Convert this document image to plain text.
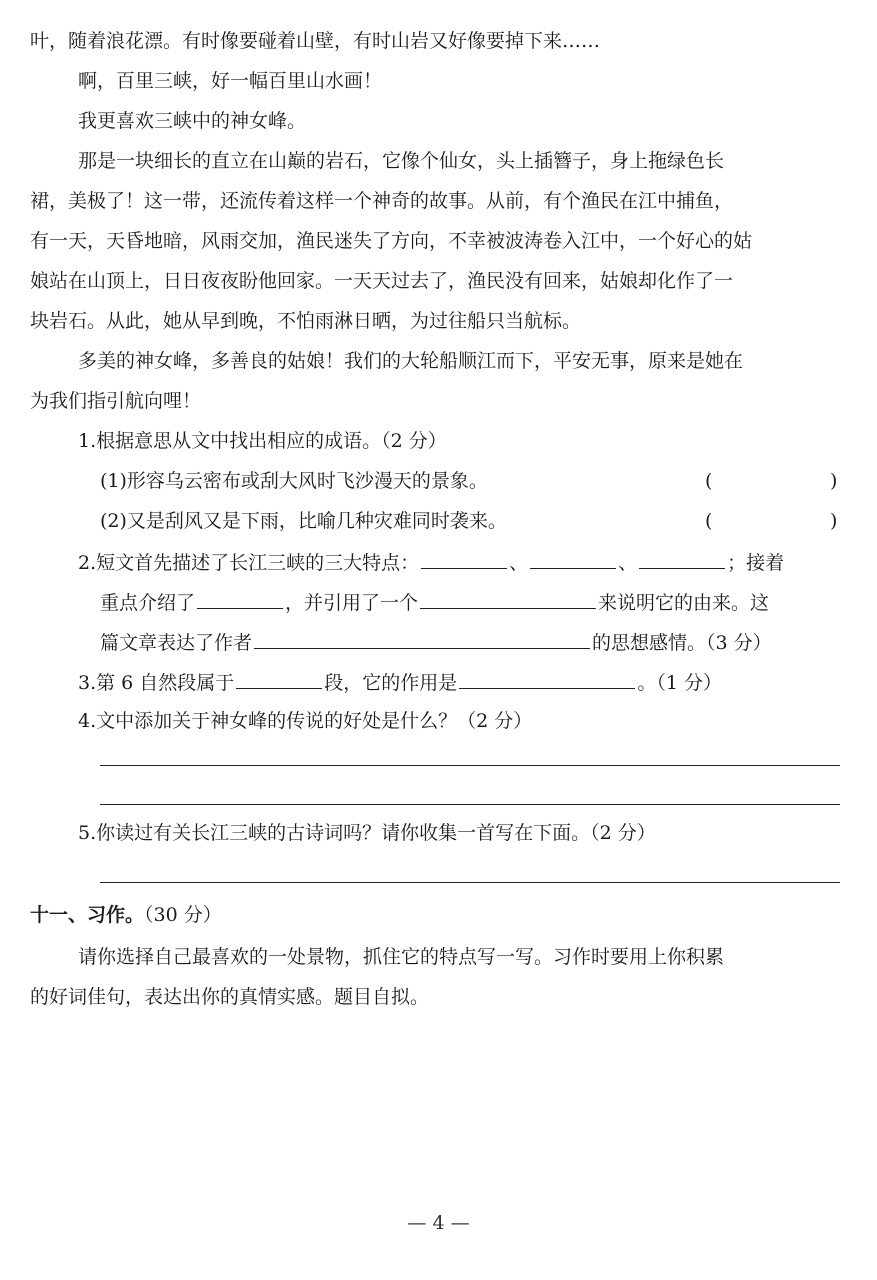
叶，随着浪花漂。有时像要碰着山壁，有时山岩又好像要掉下来……
啊，百里三峡，好一幅百里山水画！
我更喜欢三峡中的神女峰。
那是一块细长的直立在山巅的岩石，它像个仙女，头上插簪子，身上拖绿色长
裙，美极了！这一带，还流传着这样一个神奇的故事。从前，有个渔民在江中捕鱼，
有一天，天昏地暗，风雨交加，渔民迷失了方向，不幸被波涛卷入江中，一个好心的姑
娘站在山顶上，日日夜夜盼他回家。一天天过去了，渔民没有回来，姑娘却化作了一
块岩石。从此，她从早到晚，不怕雨淋日晒，为过往船只当航标。
多美的神女峰，多善良的姑娘！我们的大轮船顺江而下，平安无事，原来是她在
为我们指引航向哩！
1.根据意思从文中找出相应的成语。（2 分）
(1)形容乌云密布或刮大风时飞沙漫天的景象。	(	)
(2)又是刮风又是下雨，比喻几种灾难同时袭来。	(	)
2.短文首先描述了长江三峡的三大特点：	、	、	；接着
重点介绍了	，并引用了一个	来说明它的由来。这
篇文章表达了作者	的思想感情。（3 分）
3.第 6 自然段属于	段，它的作用是	。（1 分）
4.文中添加关于神女峰的传说的好处是什么？（2 分）
5.你读过有关长江三峡的古诗词吗？请你收集一首写在下面。（2 分）
十一、习作。（30 分）
请你选择自己最喜欢的一处景物，抓住它的特点写一写。习作时要用上你积累
的好词佳句，表达出你的真情实感。题目自拟。
— 4 —
